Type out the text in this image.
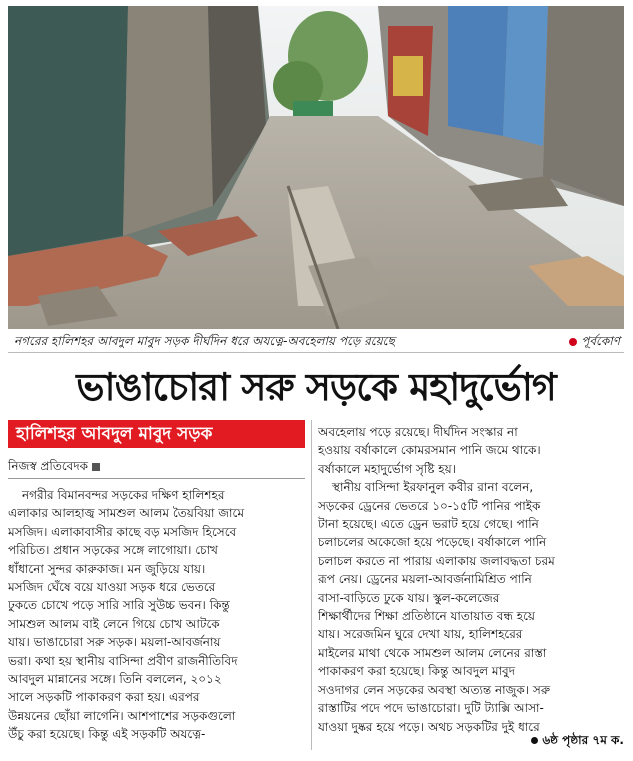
নগরের হালিশহর আবদুল মাবুদ সড়ক দীর্ঘদিন ধরে অযত্নে-অবহেলায় পড়ে রয়েছে	পূর্বকোণ
ভাঙাচোরা সরু সড়কে মহাদুর্ভোগ
হালিশহর আবদুল মাবুদ সড়ক
নিজস্ব প্রতিবেদক

নগরীর বিমানবন্দর সড়কের দক্ষিণ হালিশহর

এলাকার আলহাজ্ব সামশুল আলম তৈয়বিয়া জামে

মসজিদ। এলাকাবাসীর কাছে বড় মসজিদ হিসেবে

পরিচিত। প্রধান সড়কের সঙ্গে লাগোয়া। চোখ

ধাঁধানো সুন্দর কারুকাজ। মন জুড়িয়ে যায়।

মসজিদ ঘেঁষে বয়ে যাওয়া সড়ক ধরে ভেতরে

ঢুকতে চোখে পড়ে সারি সারি সুউচ্চ ভবন। কিন্তু

সামশুল আলম বাই লেনে গিয়ে চোখ আটকে

যায়। ভাঙাচোরা সরু সড়ক। ময়লা-আবর্জনায়

ভরা। কথা হয় স্থানীয় বাসিন্দা প্রবীণ রাজনীতিবিদ

আবদুল মান্নানের সঙ্গে। তিনি বললেন, ২০১২

সালে সড়কটি পাকাকরণ করা হয়। এরপর

উন্নয়নের ছোঁয়া লাগেনি। আশপাশের সড়কগুলো

উঁচু করা হয়েছে। কিন্তু এই সড়কটি অযত্নে-

অবহেলায় পড়ে রয়েছে। দীর্ঘদিন সংস্কার না

হওয়ায় বর্ষাকালে কোমরসমান পানি জমে থাকে।

বর্ষাকালে মহাদুর্ভোগ সৃষ্টি হয়।

স্থানীয় বাসিন্দা ইরফানুল কবীর রানা বলেন,

সড়কের ড্রেনের ভেতরে ১০-১৫টি পানির পাইক

টানা হয়েছে। এতে ড্রেন ভরাট হয়ে গেছে। পানি

চলাচলের অকেজো হয়ে পড়েছে। বর্ষাকালে পানি

চলাচল করতে না পারায় এলাকায় জলাবদ্ধতা চরম

রূপ নেয়। ড্রেনের ময়লা-আবর্জনামিশ্রিত পানি

বাসা-বাড়িতে ঢুকে যায়। স্কুল-কলেজের

শিক্ষার্থীদের শিক্ষা প্রতিষ্ঠানে যাতায়াত বন্ধ হয়ে

যায়। সরেজমিন ঘুরে দেখা যায়, হালিশহরের

মাইলের মাথা থেকে সামশুল আলম লেনের রাস্তা

পাকাকরণ করা হয়েছে। কিন্তু আবদুল মাবুদ

সওদাগর লেন সড়কের অবস্থা অত্যন্ত নাজুক। সরু

রাস্তাটির পদে পদে ভাঙাচোরা। দুটি ট্যাক্সি আসা-

যাওয়া দুষ্কর হয়ে পড়ে। অথচ সড়কটির দুই ধারে

৬ষ্ঠ পৃষ্ঠার ৭ম ক.
